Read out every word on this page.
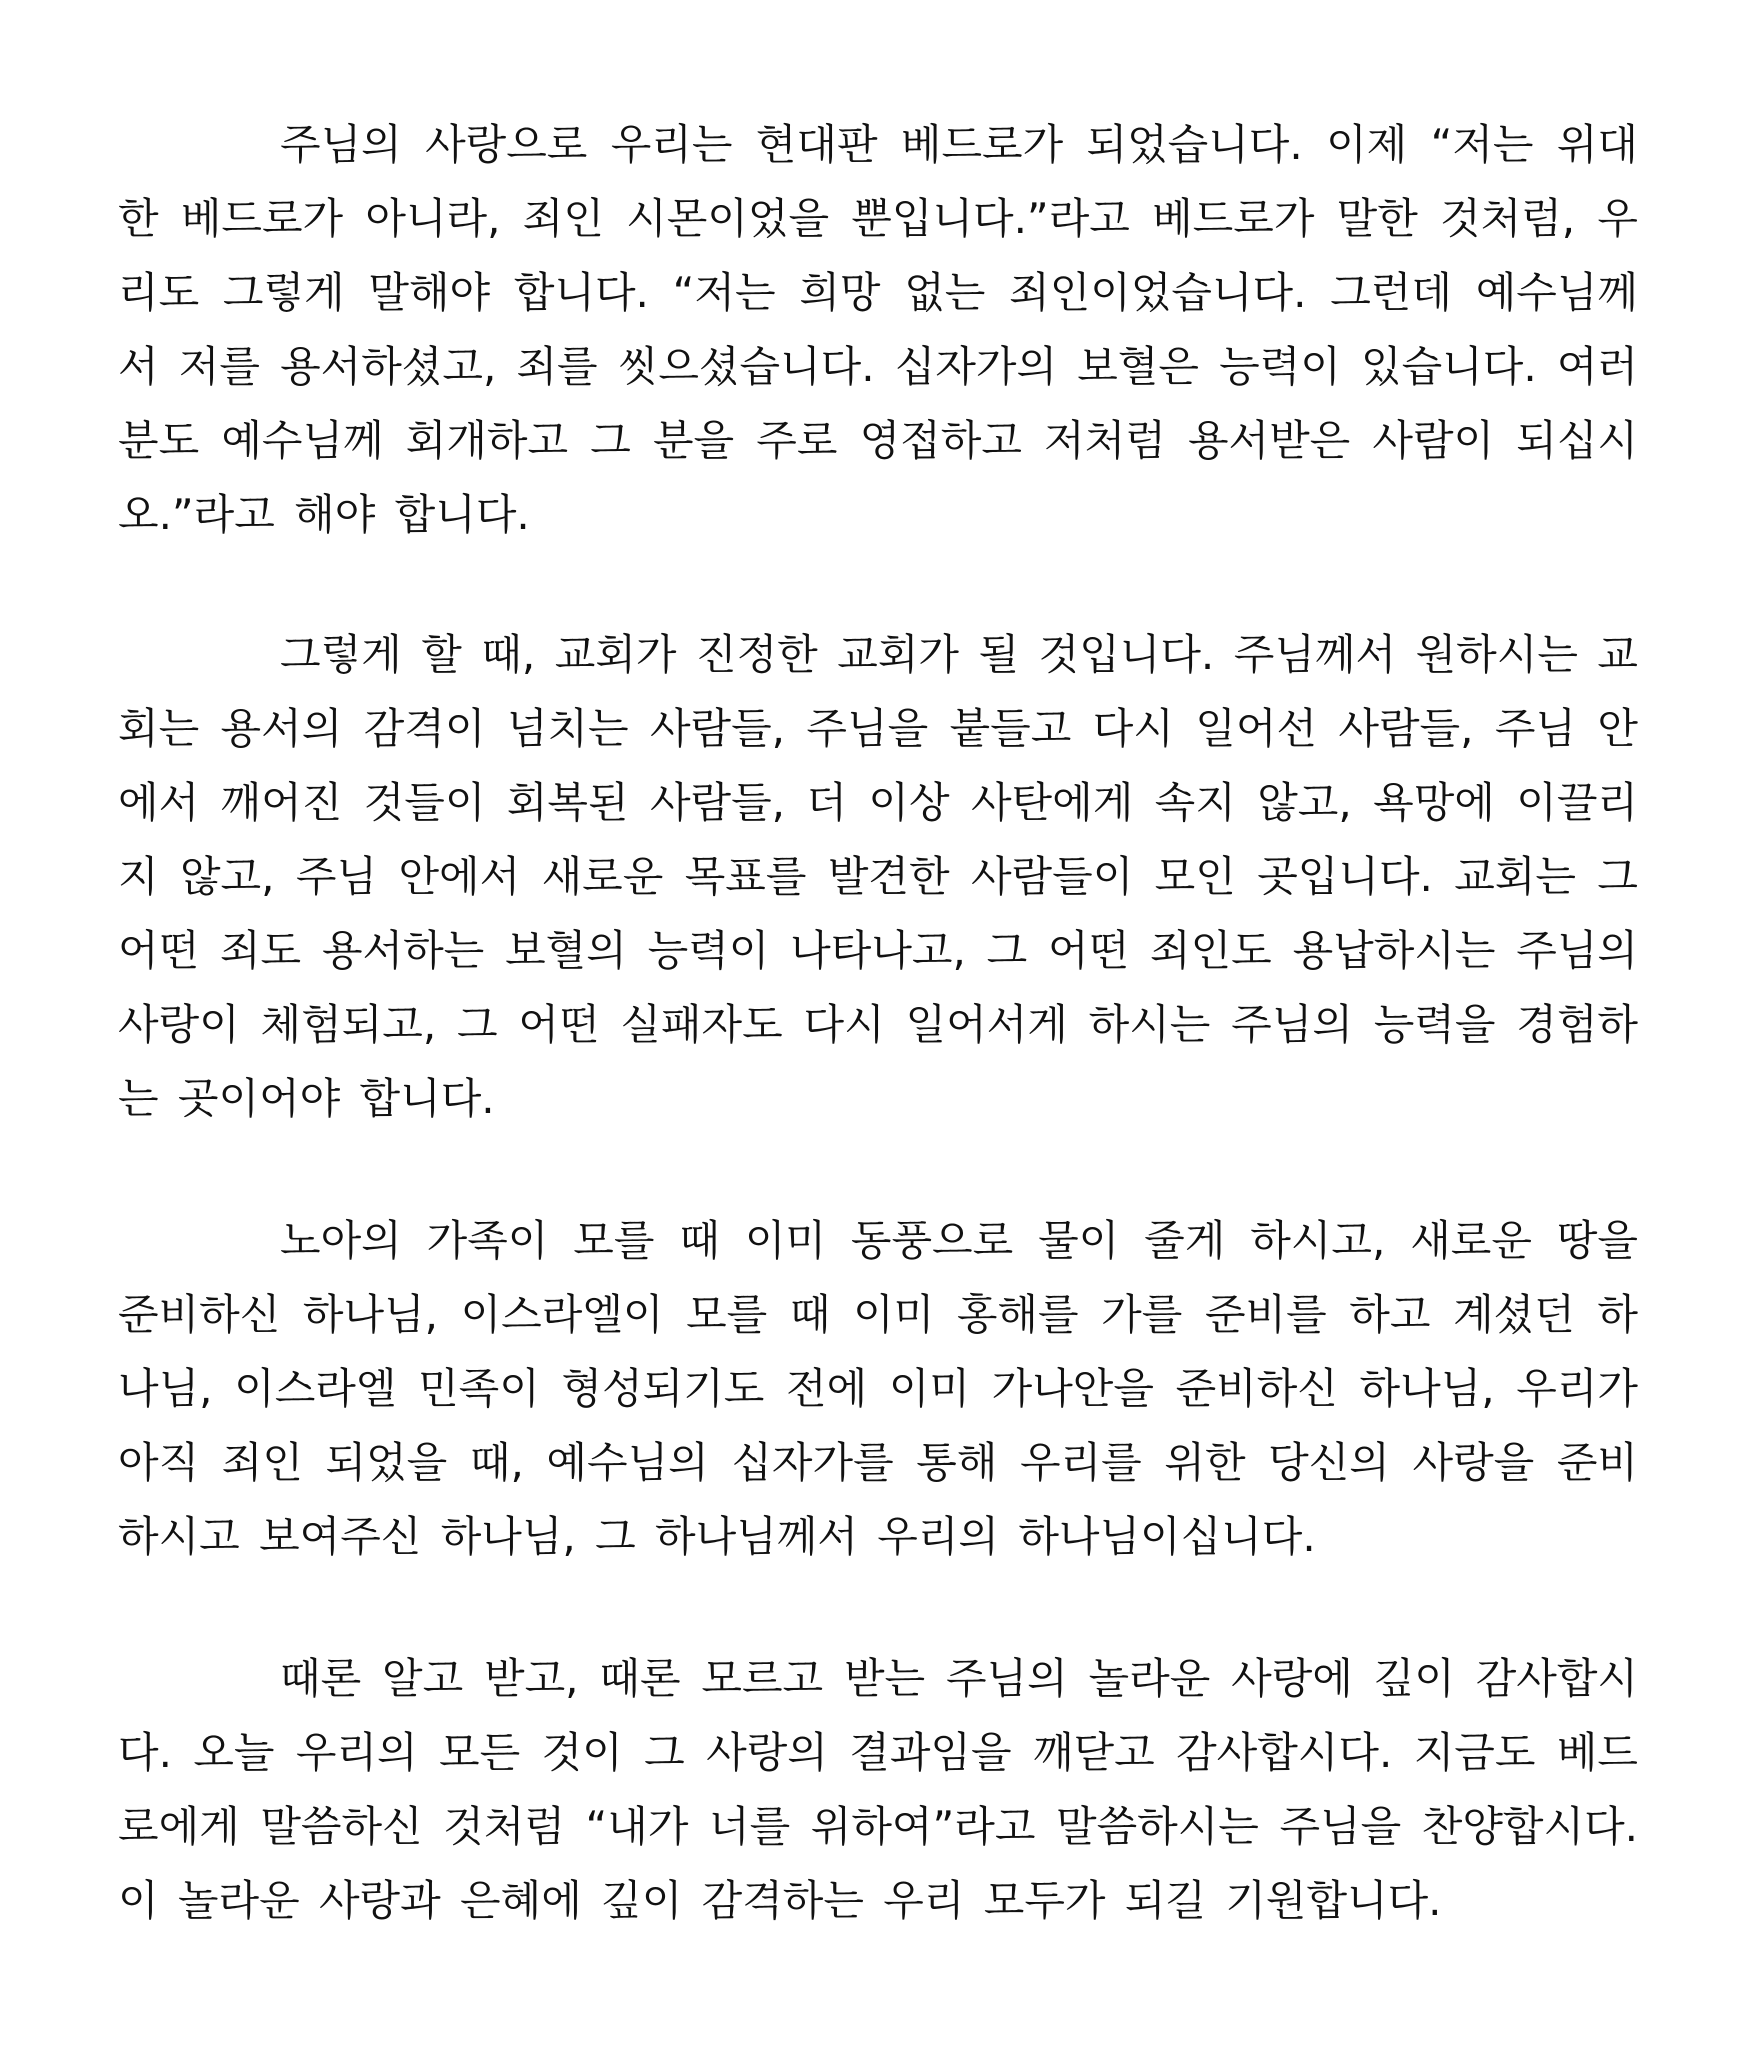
주님의 사랑으로 우리는 현대판 베드로가 되었습니다. 이제 “저는 위대한 베드로가 아니라, 죄인 시몬이었을 뿐입니다.”라고 베드로가 말한 것처럼, 우리도 그렇게 말해야 합니다. “저는 희망 없는 죄인이었습니다. 그런데 예수님께서 저를 용서하셨고, 죄를 씻으셨습니다. 십자가의 보혈은 능력이 있습니다. 여러분도 예수님께 회개하고 그 분을 주로 영접하고 저처럼 용서받은 사람이 되십시오.”라고 해야 합니다.

그렇게 할 때, 교회가 진정한 교회가 될 것입니다. 주님께서 원하시는 교회는 용서의 감격이 넘치는 사람들, 주님을 붙들고 다시 일어선 사람들, 주님 안에서 깨어진 것들이 회복된 사람들, 더 이상 사탄에게 속지 않고, 욕망에 이끌리지 않고, 주님 안에서 새로운 목표를 발견한 사람들이 모인 곳입니다. 교회는 그 어떤 죄도 용서하는 보혈의 능력이 나타나고, 그 어떤 죄인도 용납하시는 주님의 사랑이 체험되고, 그 어떤 실패자도 다시 일어서게 하시는 주님의 능력을 경험하는 곳이어야 합니다.

노아의 가족이 모를 때 이미 동풍으로 물이 줄게 하시고, 새로운 땅을 준비하신 하나님, 이스라엘이 모를 때 이미 홍해를 가를 준비를 하고 계셨던 하나님, 이스라엘 민족이 형성되기도 전에 이미 가나안을 준비하신 하나님, 우리가 아직 죄인 되었을 때, 예수님의 십자가를 통해 우리를 위한 당신의 사랑을 준비하시고 보여주신 하나님, 그 하나님께서 우리의 하나님이십니다.

때론 알고 받고, 때론 모르고 받는 주님의 놀라운 사랑에 깊이 감사합시다. 오늘 우리의 모든 것이 그 사랑의 결과임을 깨닫고 감사합시다. 지금도 베드로에게 말씀하신 것처럼 “내가 너를 위하여”라고 말씀하시는 주님을 찬양합시다. 이 놀라운 사랑과 은혜에 깊이 감격하는 우리 모두가 되길 기원합니다.
